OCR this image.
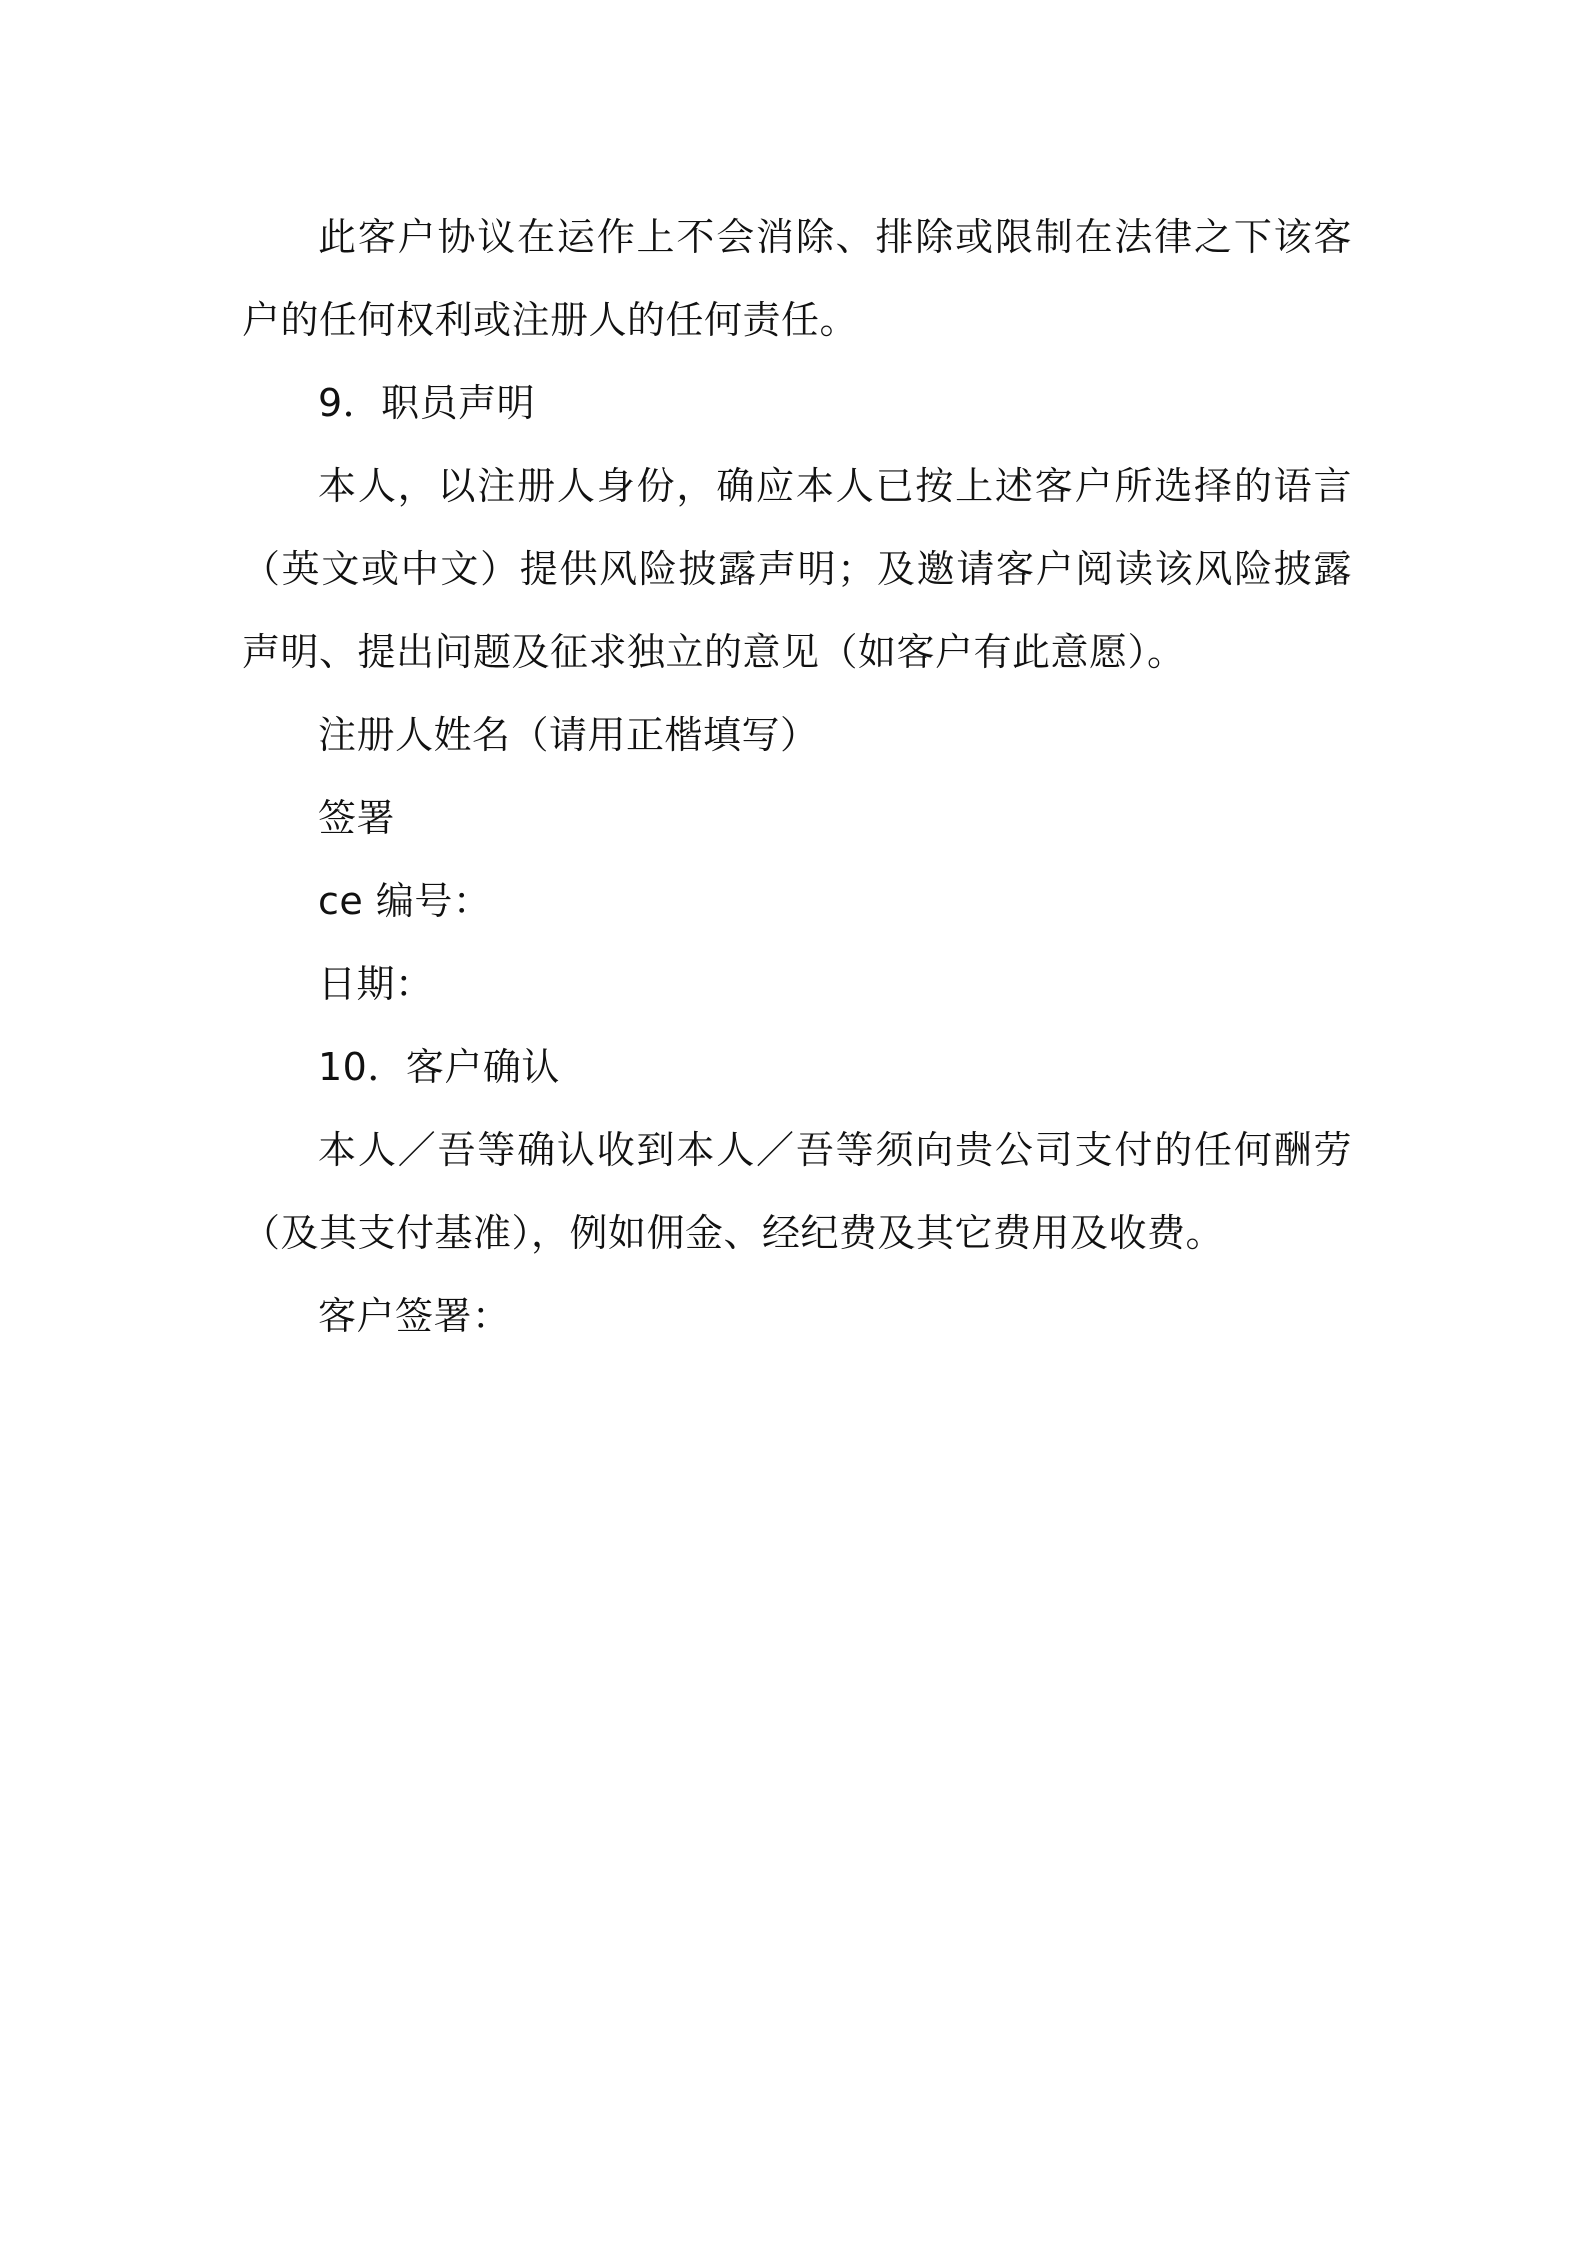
此客户协议在运作上不会消除、排除或限制在法律之下该客户的任何权利或注册人的任何责任。

9．职员声明

本人，以注册人身份，确应本人已按上述客户所选择的语言（英文或中文）提供风险披露声明；及邀请客户阅读该风险披露声明、提出问题及征求独立的意见（如客户有此意愿）。

注册人姓名（请用正楷填写）

签署

ce 编号：

日期：

10．客户确认

本人／吾等确认收到本人／吾等须向贵公司支付的任何酬劳（及其支付基准），例如佣金、经纪费及其它费用及收费。

客户签署：
